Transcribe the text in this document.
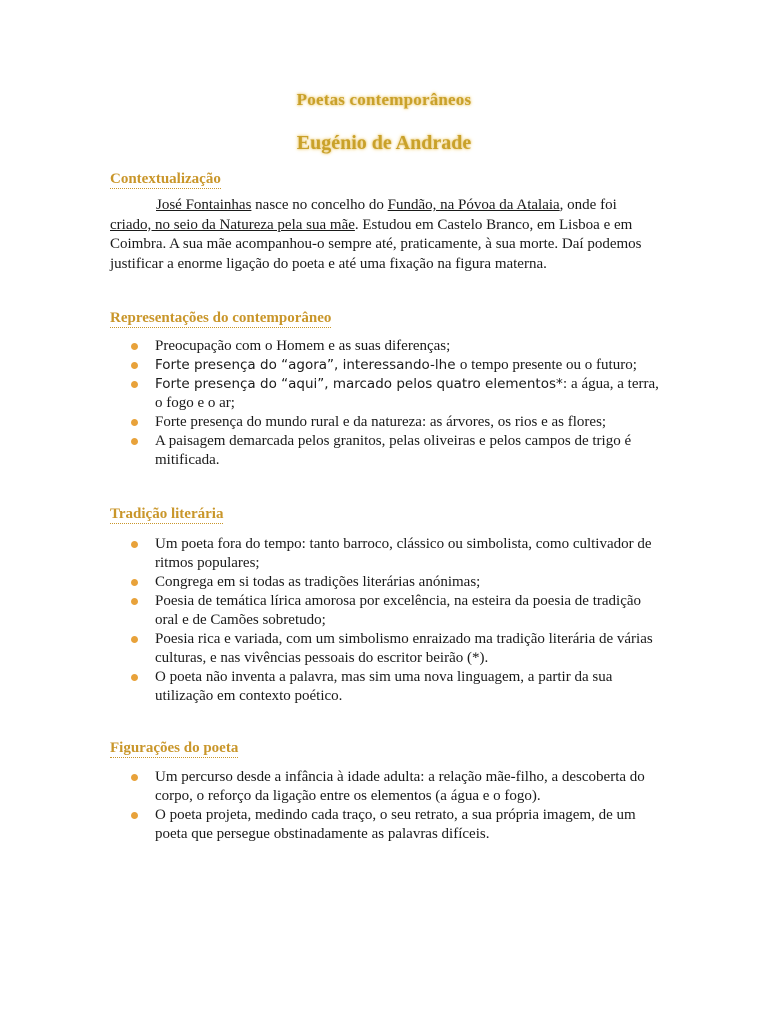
Poetas contemporâneos
Eugénio de Andrade
Contextualização
José Fontainhas nasce no concelho do Fundão, na Póvoa da Atalaia, onde foi criado, no seio da Natureza pela sua mãe. Estudou em Castelo Branco, em Lisboa e em Coimbra. A sua mãe acompanhou-o sempre até, praticamente, à sua morte. Daí podemos justificar a enorme ligação do poeta e até uma fixação na figura materna.
Representações do contemporâneo
Preocupação com o Homem e as suas diferenças;
Forte presença do “agora”, interessando-lhe o tempo presente ou o futuro;
Forte presença do “aqui”, marcado pelos quatro elementos*: a água, a terra, o fogo e o ar;
Forte presença do mundo rural e da natureza: as árvores, os rios e as flores;
A paisagem demarcada pelos granitos, pelas oliveiras e pelos campos de trigo é mitificada.
Tradição literária
Um poeta fora do tempo: tanto barroco, clássico ou simbolista, como cultivador de ritmos populares;
Congrega em si todas as tradições literárias anónimas;
Poesia de temática lírica amorosa por excelência, na esteira da poesia de tradição oral e de Camões sobretudo;
Poesia rica e variada, com um simbolismo enraizado ma tradição literária de várias culturas, e nas vivências pessoais do escritor beirão (*).
O poeta não inventa a palavra, mas sim uma nova linguagem, a partir da sua utilização em contexto poético.
Figurações do poeta
Um percurso desde a infância à idade adulta: a relação mãe-filho, a descoberta do corpo, o reforço da ligação entre os elementos (a água e o fogo).
O poeta projeta, medindo cada traço, o seu retrato, a sua própria imagem, de um poeta que persegue obstinadamente as palavras difíceis.
